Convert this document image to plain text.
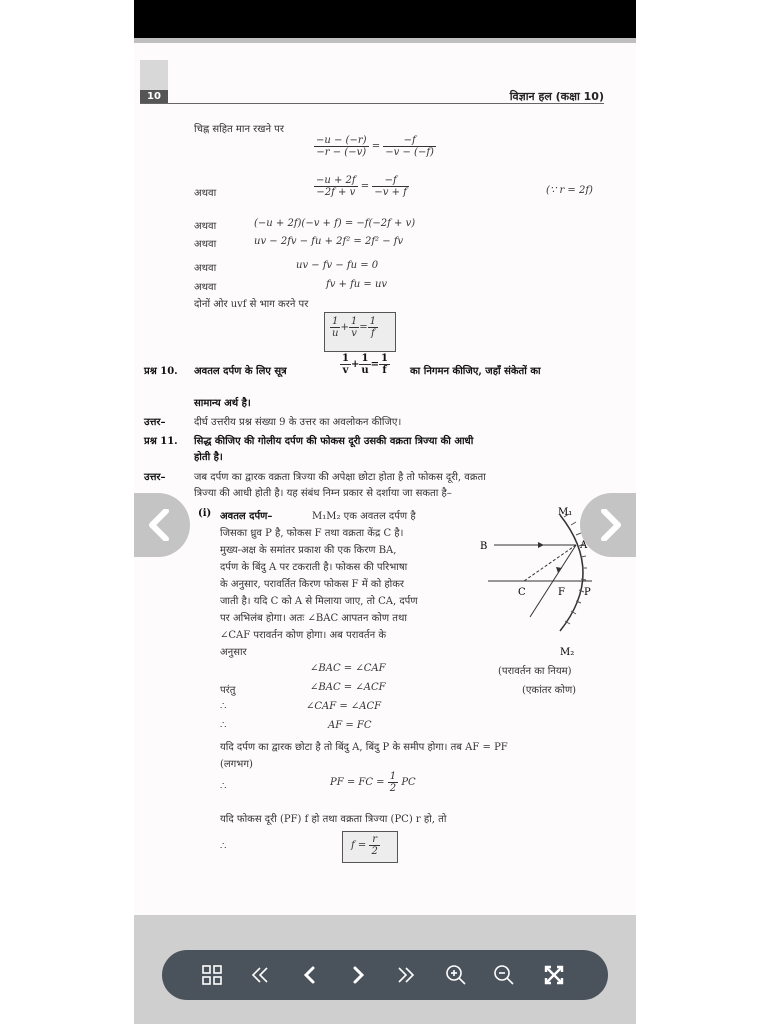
10	विज्ञान हल (कक्षा 10)
चिह्न सहित मान रखने पर
$\frac{-u - (-r)}{-r - (-v)} = \frac{-f}{-v - (-f)}$
अथवा	$\frac{-u + 2f}{-2f + v} = \frac{-f}{-v + f}$	(∵ r = 2f)
अथवा	(−u + 2f)(−v + f) = −f(−2f + v)
अथवा	uv − 2fv − fu + 2f² = 2f² − fv
अथवा	uv − fv − fu = 0
अथवा	fv + fu = uv
दोनों ओर uvf से भाग करने पर
$\frac{1}{u} + \frac{1}{v} = \frac{1}{f}$
प्रश्न 10. अवतल दर्पण के लिए सूत्र	$\frac{1}{v} + \frac{1}{u} = \frac{1}{f}$ का निगमन कीजिए, जहाँ संकेतों का
सामान्य अर्थ है।
उत्तर–	दीर्घ उत्तरीय प्रश्न संख्या 9 के उत्तर का अवलोकन कीजिए।
प्रश्न 11. सिद्ध कीजिए की गोलीय दर्पण की फोकस दूरी उसकी वक्रता त्रिज्या की आधी
होती है।
उत्तर–	जब दर्पण का द्वारक वक्रता त्रिज्या की अपेक्षा छोटा होता है तो फोकस दूरी, वक्रता
त्रिज्या की आधी होती है। यह संबंध निम्न प्रकार से दर्शाया जा सकता है–
(i) अवतल दर्पण–	M₁M₂ एक अवतल दर्पण है
जिसका ध्रुव P है, फोकस F तथा वक्रता केंद्र C है।
मुख्य-अक्ष के समांतर प्रकाश की एक किरण BA,
दर्पण के बिंदु A पर टकराती है। फोकस की परिभाषा
के अनुसार, परावर्तित किरण फोकस F में को होकर
जाती है। यदि C को A से मिलाया जाए, तो CA, दर्पण
पर अभिलंब होगा। अतः ∠BAC आपतन कोण तथा
∠CAF परावर्तन कोण होगा। अब परावर्तन के
अनुसार
M₁
M₂
A
B
C	F P
∠BAC = ∠CAF	(परावर्तन का नियम)
परंतु	∠BAC = ∠ACF	(एकांतर कोण)
∴	∠CAF = ∠ACF
∴	AF = FC
यदि दर्पण का द्वारक छोटा है तो बिंदु A, बिंदु P के समीप होगा। तब AF = PF
(लगभग)
∴	PF = FC = $\frac{1}{2}$ PC
यदि फोकस दूरी (PF) f हो तथा वक्रता त्रिज्या (PC) r हो, तो
∴	$f = \frac{r}{2}$
